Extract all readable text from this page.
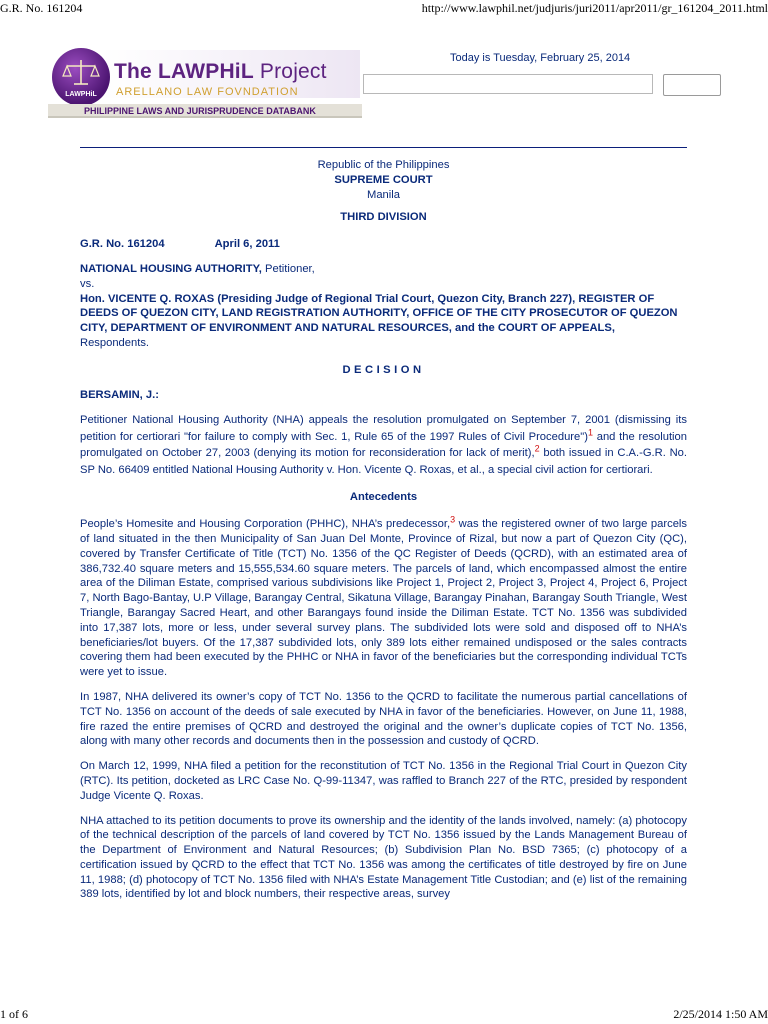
G.R. No. 161204	http://www.lawphil.net/judjuris/juri2011/apr2011/gr_161204_2011.html
LAWPHiL
The LAWPHiL Project
ARELLANO LAW FOVNDATION
PHILIPPINE LAWS AND JURISPRUDENCE DATABANK
Today is Tuesday, February 25, 2014
Republic of the Philippines
SUPREME COURT
Manila
THIRD DIVISION
G.R. No. 161204	April 6, 2011
NATIONAL HOUSING AUTHORITY, Petitioner,
vs.
Hon. VICENTE Q. ROXAS (Presiding Judge of Regional Trial Court, Quezon City, Branch 227), REGISTER OF DEEDS OF QUEZON CITY, LAND REGISTRATION AUTHORITY, OFFICE OF THE CITY PROSECUTOR OF QUEZON CITY, DEPARTMENT OF ENVIRONMENT AND NATURAL RESOURCES, and the COURT OF APPEALS, Respondents.
DECISION
BERSAMIN, J.:

Petitioner National Housing Authority (NHA) appeals the resolution promulgated on September 7, 2001 (dismissing its petition for certiorari "for failure to comply with Sec. 1, Rule 65 of the 1997 Rules of Civil Procedure")$^1$ and the resolution promulgated on October 27, 2003 (denying its motion for reconsideration for lack of merit),$^2$ both issued in C.A.-G.R. No. SP No. 66409 entitled National Housing Authority v. Hon. Vicente Q. Roxas, et al., a special civil action for certiorari.

Antecedents

People’s Homesite and Housing Corporation (PHHC), NHA’s predecessor,$^3$ was the registered owner of two large parcels of land situated in the then Municipality of San Juan Del Monte, Province of Rizal, but now a part of Quezon City (QC), covered by Transfer Certificate of Title (TCT) No. 1356 of the QC Register of Deeds (QCRD), with an estimated area of 386,732.40 square meters and 15,555,534.60 square meters. The parcels of land, which encompassed almost the entire area of the Diliman Estate, comprised various subdivisions like Project 1, Project 2, Project 3, Project 4, Project 6, Project 7, North Bago-Bantay, U.P Village, Barangay Central, Sikatuna Village, Barangay Pinahan, Barangay South Triangle, West Triangle, Barangay Sacred Heart, and other Barangays found inside the Diliman Estate. TCT No. 1356 was subdivided into 17,387 lots, more or less, under several survey plans. The subdivided lots were sold and disposed off to NHA’s beneficiaries/lot buyers. Of the 17,387 subdivided lots, only 389 lots either remained undisposed or the sales contracts covering them had been executed by the PHHC or NHA in favor of the beneficiaries but the corresponding individual TCTs were yet to issue.

In 1987, NHA delivered its owner’s copy of TCT No. 1356 to the QCRD to facilitate the numerous partial cancellations of TCT No. 1356 on account of the deeds of sale executed by NHA in favor of the beneficiaries. However, on June 11, 1988, fire razed the entire premises of QCRD and destroyed the original and the owner’s duplicate copies of TCT No. 1356, along with many other records and documents then in the possession and custody of QCRD.

On March 12, 1999, NHA filed a petition for the reconstitution of TCT No. 1356 in the Regional Trial Court in Quezon City (RTC). Its petition, docketed as LRC Case No. Q-99-11347, was raffled to Branch 227 of the RTC, presided by respondent Judge Vicente Q. Roxas.

NHA attached to its petition documents to prove its ownership and the identity of the lands involved, namely: (a) photocopy of the technical description of the parcels of land covered by TCT No. 1356 issued by the Lands Management Bureau of the Department of Environment and Natural Resources; (b) Subdivision Plan No. BSD 7365; (c) photocopy of a certification issued by QCRD to the effect that TCT No. 1356 was among the certificates of title destroyed by fire on June 11, 1988; (d) photocopy of TCT No. 1356 filed with NHA’s Estate Management Title Custodian; and (e) list of the remaining 389 lots, identified by lot and block numbers, their respective areas, survey

1 of 6	2/25/2014 1:50 AM
